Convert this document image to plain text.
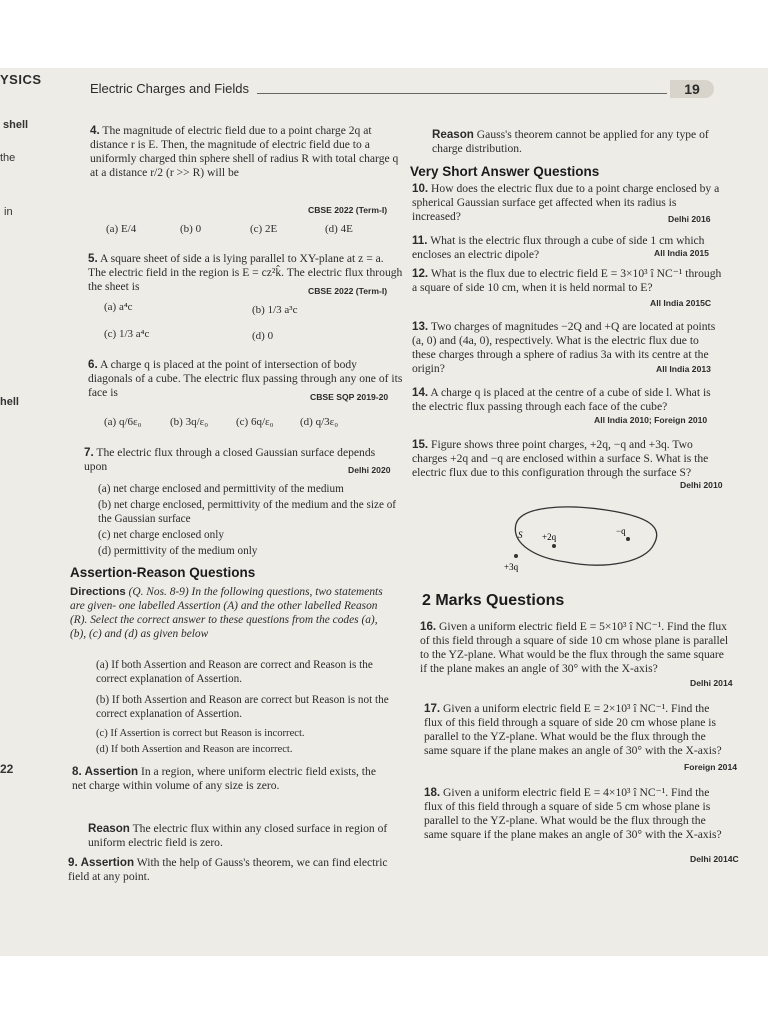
YSICS
Electric Charges and Fields	19
shell
the
in
hell
22
4. The magnitude of electric field due to a point charge 2q at distance r is E. Then, the magnitude of electric field due to a uniformly charged thin sphere shell of radius R with total charge q at a distance r/2 (r >> R) will be
CBSE 2022 (Term-I)
(a) E/4	(b) 0	(c) 2E	(d) 4E
5. A square sheet of side a is lying parallel to XY-plane at z = a. The electric field in the region is E = cz²k̂. The electric flux through the sheet is	CBSE 2022 (Term-I)
(a) a⁴c	(b) 1/3 a³c
(c) 1/3 a⁴c	(d) 0
6. A charge q is placed at the point of intersection of body diagonals of a cube. The electric flux passing through any one of its face is	CBSE SQP 2019-20
(a) q/6ε₀	(b) 3q/ε₀	(c) 6q/ε₀ (d) q/3ε₀
7. The electric flux through a closed Gaussian surface depends upon	Delhi 2020
(a) net charge enclosed and permittivity of the medium
(b) net charge enclosed, permittivity of the medium and the size of the Gaussian surface
(c) net charge enclosed only
(d) permittivity of the medium only
Assertion-Reason Questions
Directions (Q. Nos. 8-9) In the following questions, two statements are given- one labelled Assertion (A) and the other labelled Reason (R). Select the correct answer to these questions from the codes (a), (b), (c) and (d) as given below
(a) If both Assertion and Reason are correct and Reason is the correct explanation of Assertion.
(b) If both Assertion and Reason are correct but Reason is not the correct explanation of Assertion.
(c) If Assertion is correct but Reason is incorrect.
(d) If both Assertion and Reason are incorrect.
8. Assertion In a region, where uniform electric field exists, the net charge within volume of any size is zero.
Reason The electric flux within any closed surface in region of uniform electric field is zero.
9. Assertion With the help of Gauss's theorem, we can find electric field at any point.
Reason Gauss's theorem cannot be applied for any type of charge distribution.
Very Short Answer Questions
10. How does the electric flux due to a point charge enclosed by a spherical Gaussian surface get affected when its radius is increased?	Delhi 2016
11. What is the electric flux through a cube of side 1 cm which encloses an electric dipole?	All India 2015
12. What is the flux due to electric field E = 3×10³ î NC⁻¹ through a square of side 10 cm, when it is held normal to E?
All India 2015C
13. Two charges of magnitudes −2Q and +Q are located at points (a, 0) and (4a, 0), respectively. What is the electric flux due to these charges through a sphere of radius 3a with its centre at the origin?	All India 2013
14. A charge q is placed at the centre of a cube of side l. What is the electric flux passing through each face of the cube?
All India 2010; Foreign 2010
15. Figure shows three point charges, +2q, −q and +3q. Two charges +2q and −q are enclosed within a surface S. What is the electric flux due to this configuration through the surface S?
Delhi 2010
S +2q
−q
+3q
2 Marks Questions
16. Given a uniform electric field E = 5×10³ î NC⁻¹. Find the flux of this field through a square of side 10 cm whose plane is parallel to the YZ-plane. What would be the flux through the same square if the plane makes an angle of 30° with the X-axis?
Delhi 2014
17. Given a uniform electric field E = 2×10³ î NC⁻¹. Find the flux of this field through a square of side 20 cm whose plane is parallel to the YZ-plane. What would be the flux through the same square if the plane makes an angle of 30° with the X-axis?
Foreign 2014
18. Given a uniform electric field E = 4×10³ î NC⁻¹. Find the flux of this field through a square of side 5 cm whose plane is parallel to the YZ-plane. What would be the flux through the same square if the plane makes an angle of 30° with the X-axis?
Delhi 2014C
